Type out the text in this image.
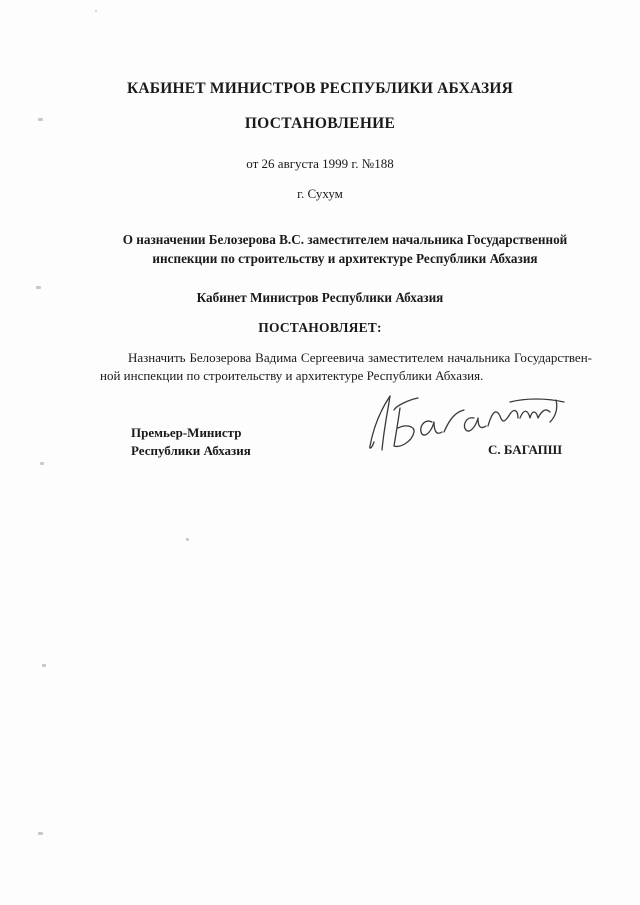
КАБИНЕТ МИНИСТРОВ РЕСПУБЛИКИ АБХАЗИЯ

ПОСТАНОВЛЕНИЕ

от 26 августа 1999 г. №188

г. Сухум

О назначении Белозерова В.С. заместителем начальника Государственной
инспекции по строительству и архитектуре Республики Абхазия

Кабинет Министров Республики Абхазия

ПОСТАНОВЛЯЕТ:

Назначить Белозерова Вадима Сергеевича заместителем начальника Государствен-ной инспекции по строительству и архитектуре Республики Абхазия.

Премьер-Министр
Республики Абхазия	С. БАГАПШ
